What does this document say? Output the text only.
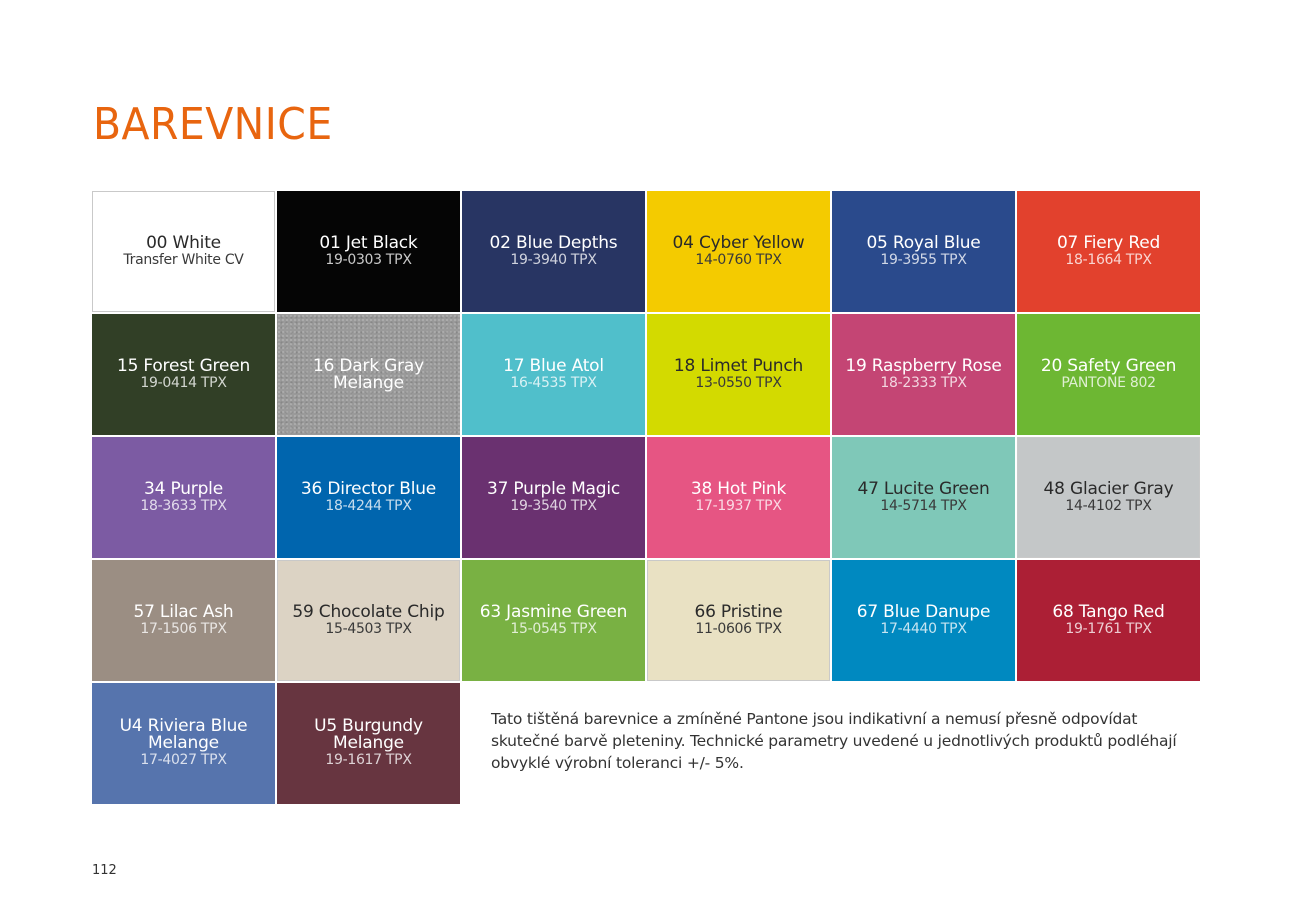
BAREVNICE
00 White
Transfer White CV
01 Jet Black
19-0303 TPX
02 Blue Depths
19-3940 TPX
04 Cyber Yellow
14-0760 TPX
05 Royal Blue
19-3955 TPX
07 Fiery Red
18-1664 TPX
15 Forest Green
19-0414 TPX
16 Dark Gray Melange
17 Blue Atol
16-4535 TPX
18 Limet Punch
13-0550 TPX
19 Raspberry Rose
18-2333 TPX
20 Safety Green
PANTONE 802
34 Purple
18-3633 TPX
36 Director Blue
18-4244 TPX
37 Purple Magic
19-3540 TPX
38 Hot Pink
17-1937 TPX
47 Lucite Green
14-5714 TPX
48 Glacier Gray
14-4102 TPX
57 Lilac Ash
17-1506 TPX
59 Chocolate Chip
15-4503 TPX
63 Jasmine Green
15-0545 TPX
66 Pristine
11-0606 TPX
67 Blue Danupe
17-4440 TPX
68 Tango Red
19-1761 TPX
U4 Riviera Blue Melange
17-4027 TPX
U5 Burgundy Melange
19-1617 TPX

Tato tištěná barevnice a zmíněné Pantone jsou indikativní a nemusí přesně odpovídat skutečné barvě pleteniny. Technické parametry uvedené u jednotlivých produktů podléhají obvyklé výrobní toleranci +/- 5%.

112
